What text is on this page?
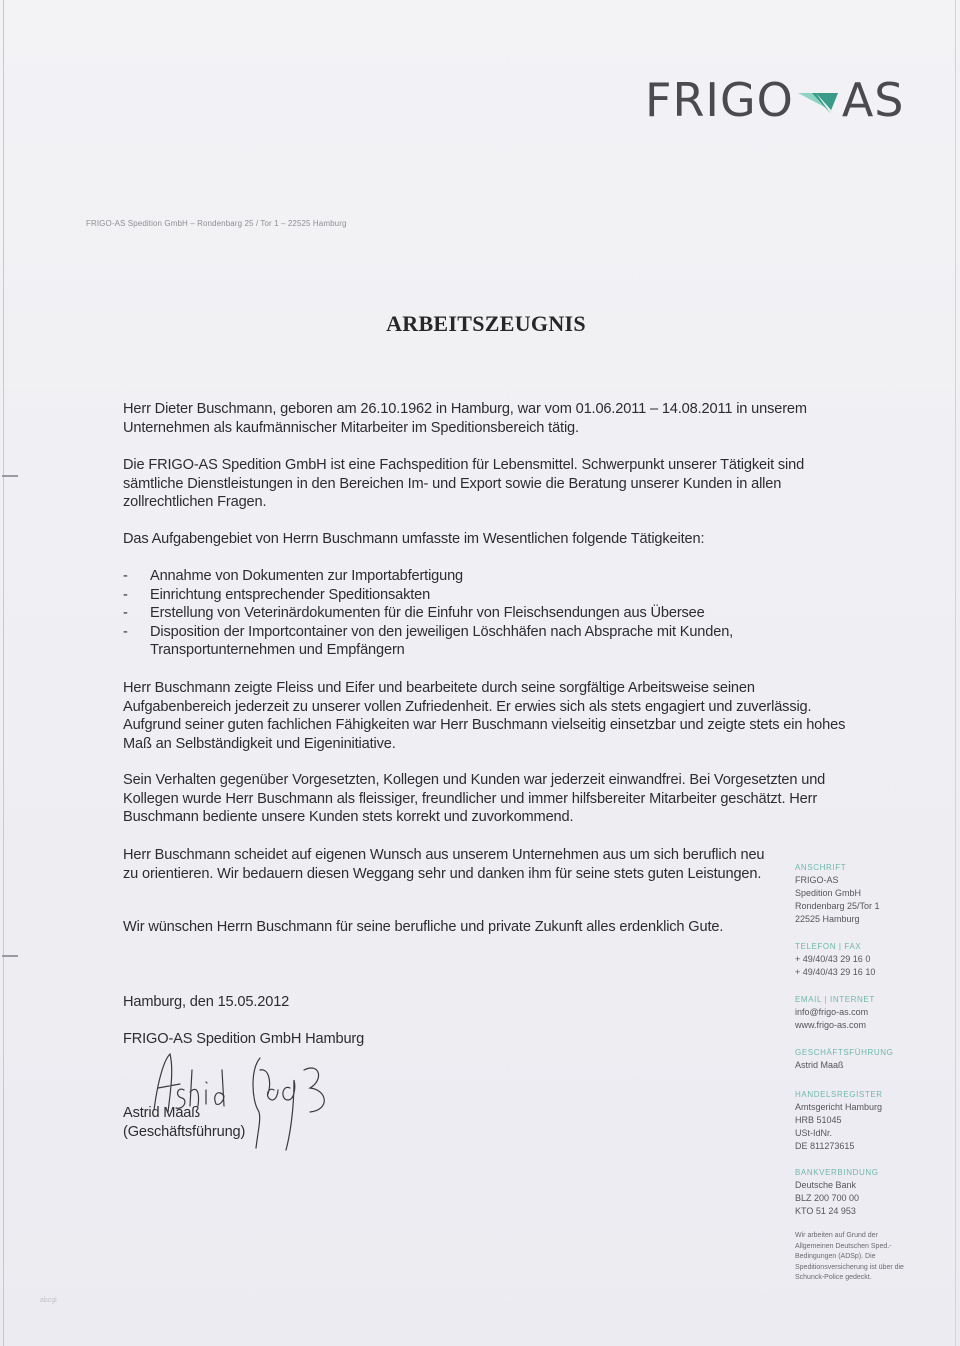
FRIGO AS
FRIGO-AS Spedition GmbH – Rondenbarg 25 / Tor 1 – 22525 Hamburg
ARBEITSZEUGNIS

Herr Dieter Buschmann, geboren am 26.10.1962 in Hamburg, war vom 01.06.2011 – 14.08.2011 in unserem Unternehmen als kaufmännischer Mitarbeiter im Speditionsbereich tätig.

Die FRIGO-AS Spedition GmbH ist eine Fachspedition für Lebensmittel. Schwerpunkt unserer Tätigkeit sind sämtliche Dienstleistungen in den Bereichen Im- und Export sowie die Beratung unserer Kunden in allen zollrechtlichen Fragen.

Das Aufgabengebiet von Herrn Buschmann umfasste im Wesentlichen folgende Tätigkeiten:

-	Annahme von Dokumenten zur Importabfertigung
-	Einrichtung entsprechender Speditionsakten
-	Erstellung von Veterinärdokumenten für die Einfuhr von Fleischsendungen aus Übersee
-	Disposition der Importcontainer von den jeweiligen Löschhäfen nach Absprache mit Kunden, Transportunternehmen und Empfängern

Herr Buschmann zeigte Fleiss und Eifer und bearbeitete durch seine sorgfältige Arbeitsweise seinen Aufgabenbereich jederzeit zu unserer vollen Zufriedenheit. Er erwies sich als stets engagiert und zuverlässig. Aufgrund seiner guten fachlichen Fähigkeiten war Herr Buschmann vielseitig einsetzbar und zeigte stets ein hohes Maß an Selbständigkeit und Eigeninitiative.

Sein Verhalten gegenüber Vorgesetzten, Kollegen und Kunden war jederzeit einwandfrei. Bei Vorgesetzten und Kollegen wurde Herr Buschmann als fleissiger, freundlicher und immer hilfsbereiter Mitarbeiter geschätzt. Herr Buschmann bediente unsere Kunden stets korrekt und zuvorkommend.

Herr Buschmann scheidet auf eigenen Wunsch aus unserem Unternehmen aus um sich beruflich neu zu orientieren. Wir bedauern diesen Weggang sehr und danken ihm für seine stets guten Leistungen.

Wir wünschen Herrn Buschmann für seine berufliche und private Zukunft alles erdenklich Gute.
Hamburg, den 15.05.2012
FRIGO-AS Spedition GmbH Hamburg
Astrid Maaß
(Geschäftsführung)
ANSCHRIFT
FRIGO-AS
Spedition GmbH
Rondenbarg 25/Tor 1
22525 Hamburg
TELEFON | FAX
+ 49/40/43 29 16 0
+ 49/40/43 29 16 10
EMAIL | INTERNET
info@frigo-as.com
www.frigo-as.com
GESCHÄFTSFÜHRUNG
Astrid Maaß
HANDELSREGISTER
Amtsgericht Hamburg
HRB 51045
USt-IdNr.
DE 811273615
BANKVERBINDUNG
Deutsche Bank
BLZ 200 700 00
KTO 51 24 953
Wir arbeiten auf Grund der Allgemeinen Deutschen Sped.-Bedingungen (ADSp). Die Speditionsversicherung ist über die Schunck-Police gedeckt.
abcgi
